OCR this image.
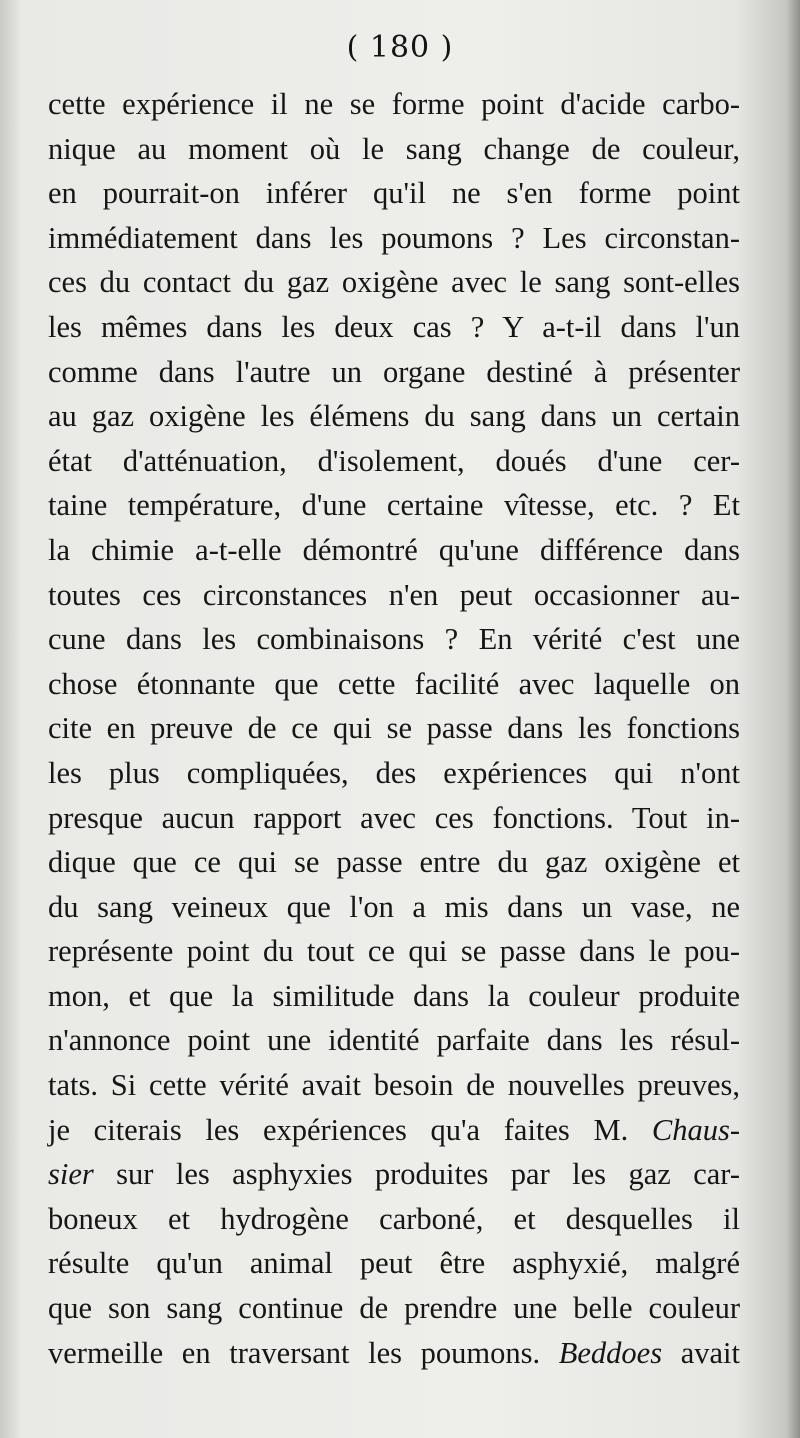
( 180 )
cette expérience il ne se forme point d'acide carbo-
nique au moment où le sang change de couleur,
en pourrait-on inférer qu'il ne s'en forme point
immédiatement dans les poumons ? Les circonstan-
ces du contact du gaz oxigène avec le sang sont-elles
les mêmes dans les deux cas ? Y a-t-il dans l'un
comme dans l'autre un organe destiné à présenter
au gaz oxigène les élémens du sang dans un certain
état d'atténuation, d'isolement, doués d'une cer-
taine température, d'une certaine vîtesse, etc. ? Et
la chimie a-t-elle démontré qu'une différence dans
toutes ces circonstances n'en peut occasionner au-
cune dans les combinaisons ? En vérité c'est une
chose étonnante que cette facilité avec laquelle on
cite en preuve de ce qui se passe dans les fonctions
les plus compliquées, des expériences qui n'ont
presque aucun rapport avec ces fonctions. Tout in-
dique que ce qui se passe entre du gaz oxigène et
du sang veineux que l'on a mis dans un vase, ne
représente point du tout ce qui se passe dans le pou-
mon, et que la similitude dans la couleur produite
n'annonce point une identité parfaite dans les résul-
tats. Si cette vérité avait besoin de nouvelles preuves,
je citerais les expériences qu'a faites M. Chaus-
sier sur les asphyxies produites par les gaz car-
boneux et hydrogène carboné, et desquelles il
résulte qu'un animal peut être asphyxié, malgré
que son sang continue de prendre une belle couleur
vermeille en traversant les poumons. Beddoes avait
